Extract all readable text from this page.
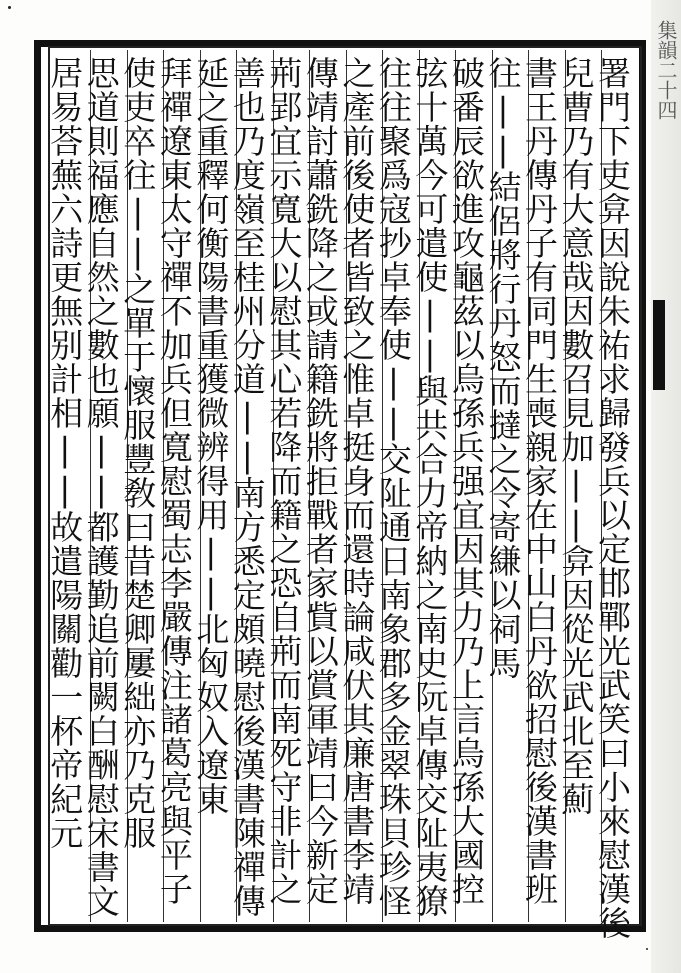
集韻二十四
署門下吏弇因說朱祐求歸發兵以定邯鄲光武笑曰小來慰漢後
兒曹乃有大意哉因數召見加||弇因從光武北至薊
書王丹傳丹子有同門生喪親家在中山白丹欲招慰後漢書班
往||結侶將行丹怒而撻之令寄縑以祠馬
破番辰欲進攻龜茲以烏孫兵强宜因其力乃上言烏孫大國控
弦十萬今可遣使||與共合力帝納之南史阮卓傳交阯夷獠
往往聚爲寇抄卓奉使||交阯通日南象郡多金翠珠貝珍怪
之產前後使者皆致之惟卓挺身而還時論咸伏其廉唐書李靖
傳靖討蕭銑降之或請籍銑將拒戰者家貲以賞軍靖曰今新定
荊郢宜示寬大以慰其心若降而籍之恐自荊而南死守非計之
善也乃度嶺至桂州分道||南方悉定頗曉慰後漢書陳禪傳
延之重釋何衡陽書重獲微辨得用||北匈奴入遼東
拜禪遼東太守禪不加兵但寬慰蜀志李嚴傳注諸葛亮與平子
使吏卒往||之單于懷服豐敎曰昔楚卿屢絀亦乃克服
思道則福應自然之數也願||都護勤追前闕白酬慰宋書文
居易荅蕪六詩更無别計相||故遣陽關勸一杯帝紀元
